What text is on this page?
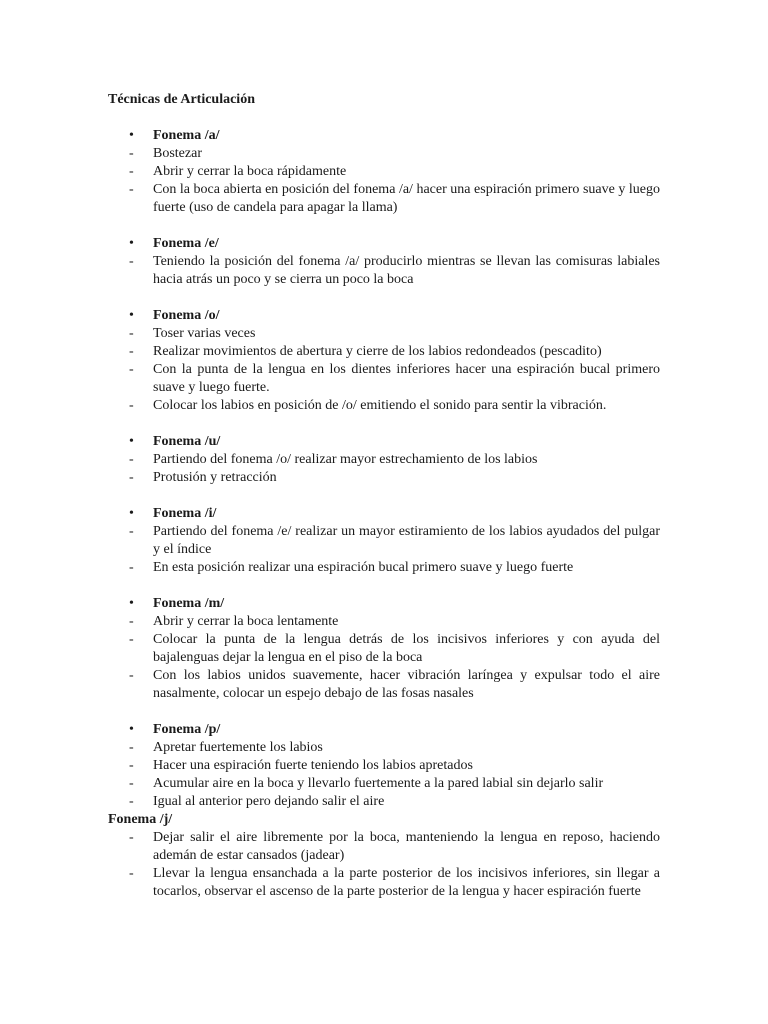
Técnicas de Articulación
• Fonema /a/
- Bostezar
- Abrir y cerrar la boca rápidamente
- Con la boca abierta en posición del fonema /a/ hacer una espiración primero suave y luego fuerte (uso de candela para apagar la llama)
• Fonema /e/
- Teniendo la posición del fonema /a/ producirlo mientras se llevan las comisuras labiales hacia atrás un poco y se cierra un poco la boca
• Fonema /o/
- Toser varias veces
- Realizar movimientos de abertura y cierre de los labios redondeados (pescadito)
- Con la punta de la lengua en los dientes inferiores hacer una espiración bucal primero suave y luego fuerte.
- Colocar los labios en posición de /o/ emitiendo el sonido para sentir la vibración.
• Fonema /u/
- Partiendo del fonema /o/ realizar mayor estrechamiento de los labios
- Protusión y retracción
• Fonema /i/
- Partiendo del fonema /e/ realizar un mayor estiramiento de los labios ayudados del pulgar y el índice
- En esta posición realizar una espiración bucal primero suave y luego fuerte
• Fonema /m/
- Abrir y cerrar la boca lentamente
- Colocar la punta de la lengua detrás de los incisivos inferiores y con ayuda del bajalenguas dejar la lengua en el piso de la boca
- Con los labios unidos suavemente, hacer vibración laríngea y expulsar todo el aire nasalmente, colocar un espejo debajo de las fosas nasales
• Fonema /p/
- Apretar fuertemente los labios
- Hacer una espiración fuerte teniendo los labios apretados
- Acumular aire en la boca y llevarlo fuertemente a la pared labial sin dejarlo salir
- Igual al anterior pero dejando salir el aire
Fonema /j/
- Dejar salir el aire libremente por la boca, manteniendo la lengua en reposo, haciendo ademán de estar cansados (jadear)
- Llevar la lengua ensanchada a la parte posterior de los incisivos inferiores, sin llegar a tocarlos, observar el ascenso de la parte posterior de la lengua y hacer espiración fuerte
